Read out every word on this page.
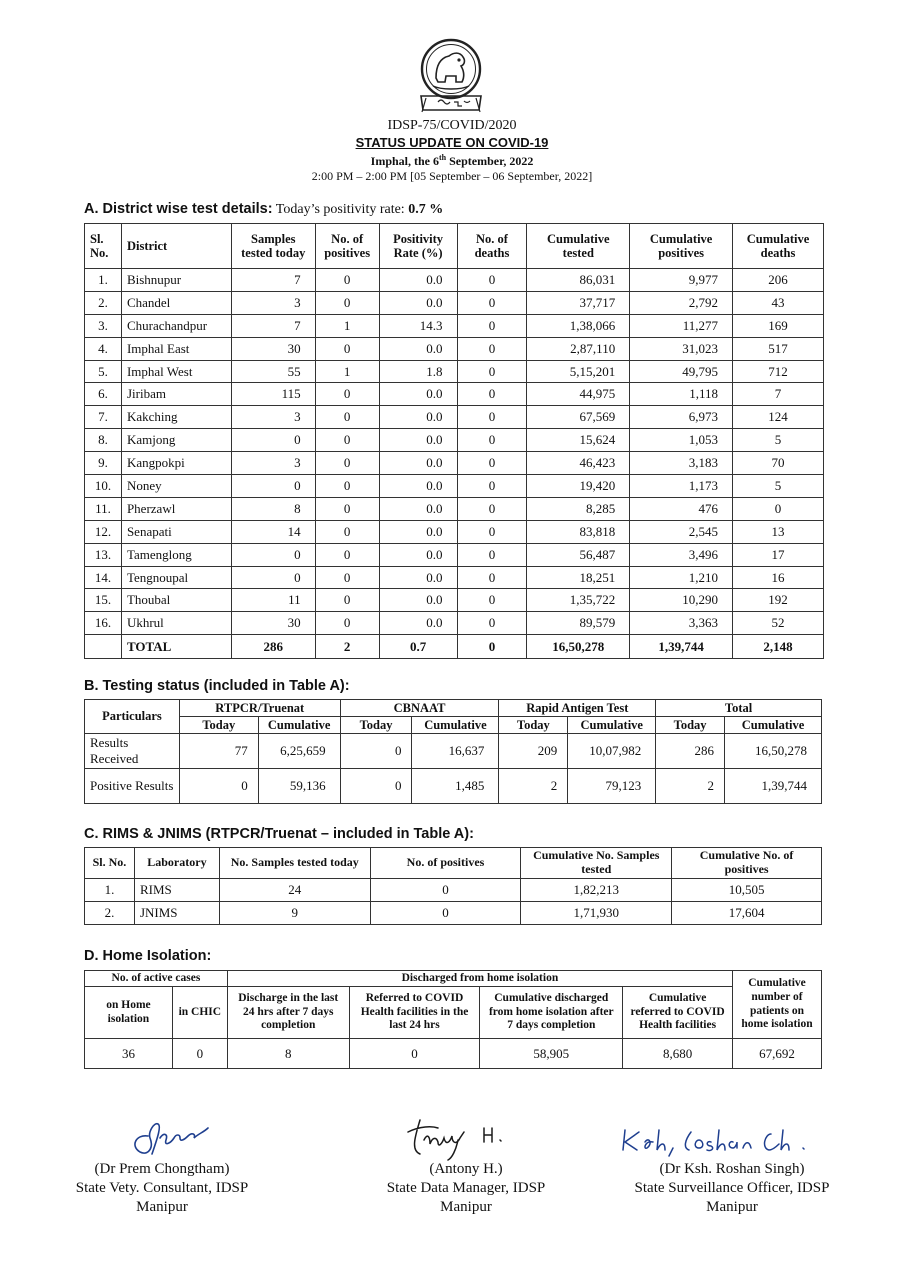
IDSP-75/COVID/2020
STATUS UPDATE ON COVID-19
Imphal, the 6th September, 2022
2:00 PM – 2:00 PM [05 September – 06 September, 2022]
A. District wise test details: Today’s positivity rate: 0.7 %
Sl. No.	District	Samples tested today	No. of positives	Positivity Rate (%)	No. of deaths	Cumulative tested	Cumulative positives	Cumulative deaths
1.	Bishnupur	7	0	0.0	0	86,031	9,977	206
2.	Chandel	3	0	0.0	0	37,717	2,792	43
3.	Churachandpur	7	1	14.3	0	1,38,066	11,277	169
4.	Imphal East	30	0	0.0	0	2,87,110	31,023	517
5.	Imphal West	55	1	1.8	0	5,15,201	49,795	712
6.	Jiribam	115	0	0.0	0	44,975	1,118	7
7.	Kakching	3	0	0.0	0	67,569	6,973	124
8.	Kamjong	0	0	0.0	0	15,624	1,053	5
9.	Kangpokpi	3	0	0.0	0	46,423	3,183	70
10.	Noney	0	0	0.0	0	19,420	1,173	5
11.	Pherzawl	8	0	0.0	0	8,285	476	0
12.	Senapati	14	0	0.0	0	83,818	2,545	13
13.	Tamenglong	0	0	0.0	0	56,487	3,496	17
14.	Tengnoupal	0	0	0.0	0	18,251	1,210	16
15.	Thoubal	11	0	0.0	0	1,35,722	10,290	192
16.	Ukhrul	30	0	0.0	0	89,579	3,363	52
	TOTAL	286	2	0.7	0	16,50,278	1,39,744	2,148
B. Testing status (included in Table A):
Particulars	RTPCR/Truenat		CBNAAT		Rapid Antigen Test		Total	
	Today	Cumulative	Today	Cumulative	Today	Cumulative	Today	Cumulative
Results Received	77	6,25,659	0	16,637	209	10,07,982	286	16,50,278
Positive Results	0	59,136	0	1,485	2	79,123	2	1,39,744
C. RIMS & JNIMS (RTPCR/Truenat – included in Table A):
Sl. No.	Laboratory	No. Samples tested today	No. of positives	Cumulative No. Samples tested	Cumulative No. of positives
1.	RIMS	24	0	1,82,213	10,505
2.	JNIMS	9	0	1,71,930	17,604
D. Home Isolation:
No. of active cases		Discharged from home isolation				Cumulative number of patients on home isolation
on Home isolation	in CHIC	Discharge in the last 24 hrs after 7 days completion	Referred to COVID Health facilities in the last 24 hrs	Cumulative discharged from home isolation after 7 days completion	Cumulative referred to COVID Health facilities	
36	0	8	0	58,905	8,680	67,692
(Dr Prem Chongtham)
State Vety. Consultant, IDSP
Manipur
(Antony H.)
State Data Manager, IDSP
Manipur
(Dr Ksh. Roshan Singh)
State Surveillance Officer, IDSP
Manipur
